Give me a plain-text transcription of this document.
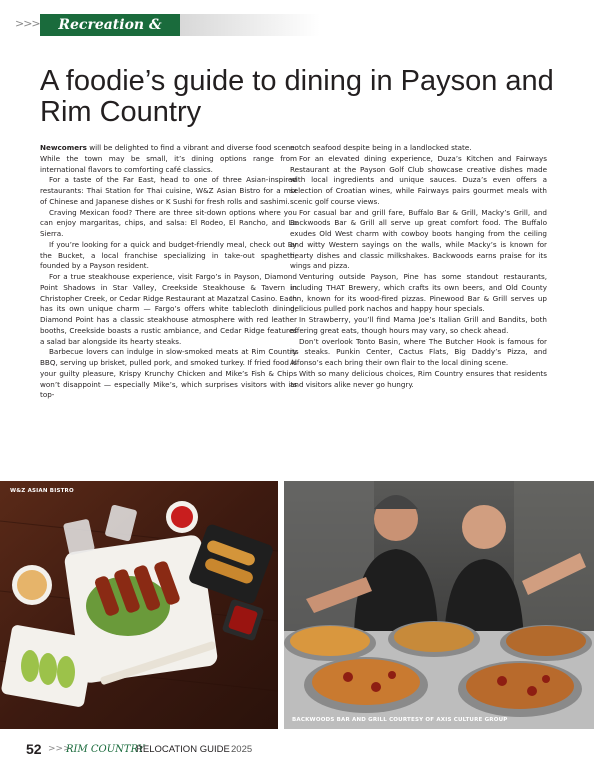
>>>	Recreation & Leisure
A foodie’s guide to dining in Payson and Rim Country

Newcomers will be delighted to find a vibrant and diverse food scene. While the town may be small, it’s dining options range from international flavors to comforting café classics.

For a taste of the Far East, head to one of three Asian-inspired restaurants: Thai Station for Thai cuisine, W&Z Asian Bistro for a mix of Chinese and Japanese dishes or K Sushi for fresh rolls and sashimi.

Craving Mexican food? There are three sit-down options where you can enjoy margaritas, chips, and salsa: El Rodeo, El Rancho, and La Sierra.

If you’re looking for a quick and budget-friendly meal, check out By the Bucket, a local franchise specializing in take-out spaghetti, founded by a Payson resident.

For a true steakhouse experience, visit Fargo’s in Payson, Diamond Point Shadows in Star Valley, Creekside Steakhouse & Tavern in Christopher Creek, or Cedar Ridge Restaurant at Mazatzal Casino. Each has its own unique charm — Fargo’s offers white tablecloth dining, Diamond Point has a classic steakhouse atmosphere with red leather booths, Creekside boasts a rustic ambiance, and Cedar Ridge features a salad bar alongside its hearty steaks.

Barbecue lovers can indulge in slow-smoked meats at Rim Country BBQ, serving up brisket, pulled pork, and smoked turkey. If fried food is your guilty pleasure, Krispy Krunchy Chicken and Mike’s Fish & Chips won’t disappoint — especially Mike’s, which surprises visitors with its top-

notch seafood despite being in a landlocked state.

For an elevated dining experience, Duza’s Kitchen and Fairways Restaurant at the Payson Golf Club showcase creative dishes made with local ingredients and unique sauces. Duza’s even offers a selection of Croatian wines, while Fairways pairs gourmet meals with scenic golf course views.

For casual bar and grill fare, Buffalo Bar & Grill, Macky’s Grill, and Backwoods Bar & Grill all serve up great comfort food. The Buffalo exudes Old West charm with cowboy boots hanging from the ceiling and witty Western sayings on the walls, while Macky’s is known for hearty dishes and classic milkshakes. Backwoods earns praise for its wings and pizza.

Venturing outside Payson, Pine has some standout restaurants, including THAT Brewery, which crafts its own beers, and Old County Inn, known for its wood-fired pizzas. Pinewood Bar & Grill serves up delicious pulled pork nachos and happy hour specials.

In Strawberry, you’ll find Mama Joe’s Italian Grill and Bandits, both offering great eats, though hours may vary, so check ahead.

Don’t overlook Tonto Basin, where The Butcher Hook is famous for its steaks. Punkin Center, Cactus Flats, Big Daddy’s Pizza, and Alfonso’s each bring their own flair to the local dining scene.

With so many delicious choices, Rim Country ensures that residents and visitors alike never go hungry.

W&Z ASIAN BISTRO
BACKWOODS BAR AND GRILL COURTESY OF AXIS CULTURE GROUP
52 >>>
RIM COUNTRY
RELOCATION GUIDE 2025
